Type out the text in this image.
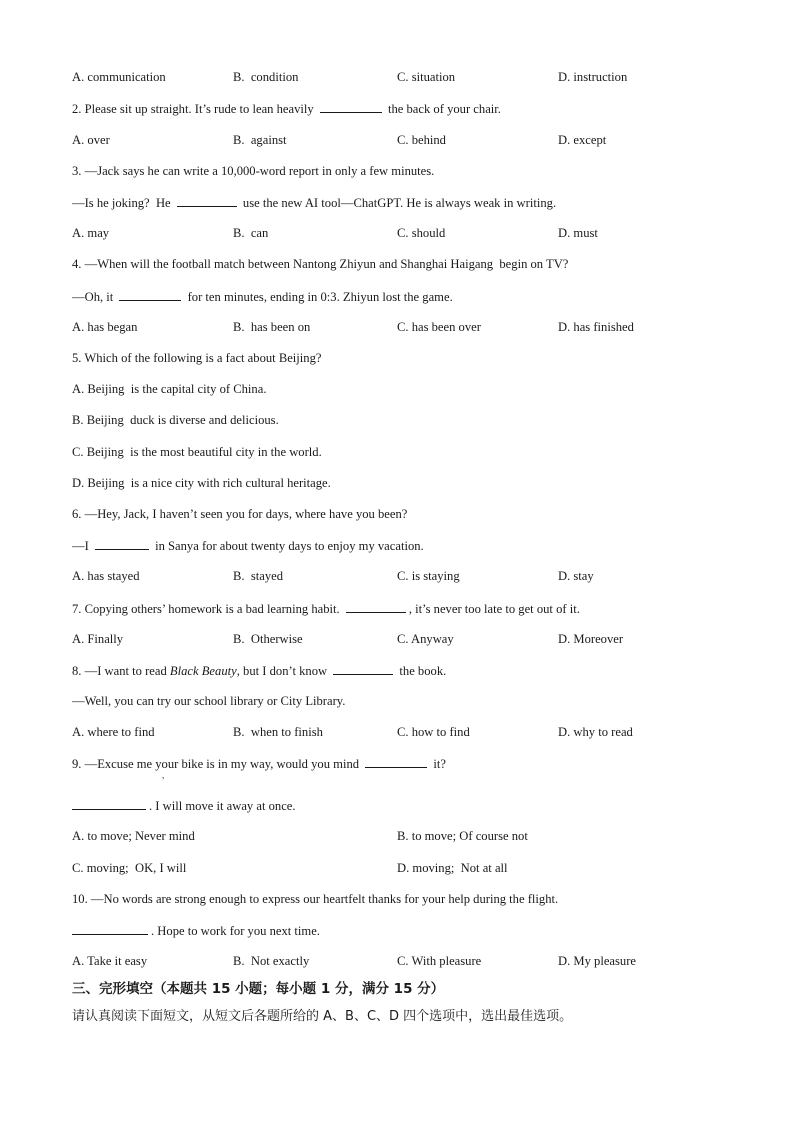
A. communication	B.  condition	C. situation	D. instruction
2. Please sit up straight. It’s rude to lean heavily	the back of your chair.
A. over	B.  against	C. behind	D. except
3. —Jack says he can write a 10,000-word report in only a few minutes.
—Is he joking?  He	use the new AI tool—ChatGPT. He is always weak in writing.
A. may	B.  can	C. should	D. must
4. —When will the football match between Nantong Zhiyun and Shanghai Haigang  begin on TV?
—Oh, it	for ten minutes, ending in 0:3. Zhiyun lost the game.
A. has began	B.  has been on	C. has been over	D. has finished
5. Which of the following is a fact about Beijing?
A. Beijing  is the capital city of China.
B. Beijing  duck is diverse and delicious.
C. Beijing  is the most beautiful city in the world.
D. Beijing  is a nice city with rich cultural heritage.
6. —Hey, Jack, I haven’t seen you for days, where have you been?
—I	in Sanya for about twenty days to enjoy my vacation.
A. has stayed	B.  stayed	C. is staying	D. stay
7. Copying others’ homework is a bad learning habit.	, it’s never too late to get out of it.
A. Finally	B.  Otherwise	C. Anyway	D. Moreover
8. —I want to read Black Beauty, but I don’t know	the book.
—Well, you can try our school library or City Library.
A. where to find	B.  when to finish	C. how to find	D. why to read
9. —Excuse me your bike is in my way, would you mind	it?
,
. I will move it away at once.
A. to move; Never mind	B. to move; Of course not
C. moving;  OK, I will	D. moving;  Not at all
10. —No words are strong enough to express our heartfelt thanks for your help during the flight.
. Hope to work for you next time.
A. Take it easy	B.  Not exactly	C. With pleasure	D. My pleasure
三、完形填空（本题共 15 小题；每小题 1 分，满分 15 分）
请认真阅读下面短文，从短文后各题所给的 A、B、C、D 四个选项中，选出最佳选项。
